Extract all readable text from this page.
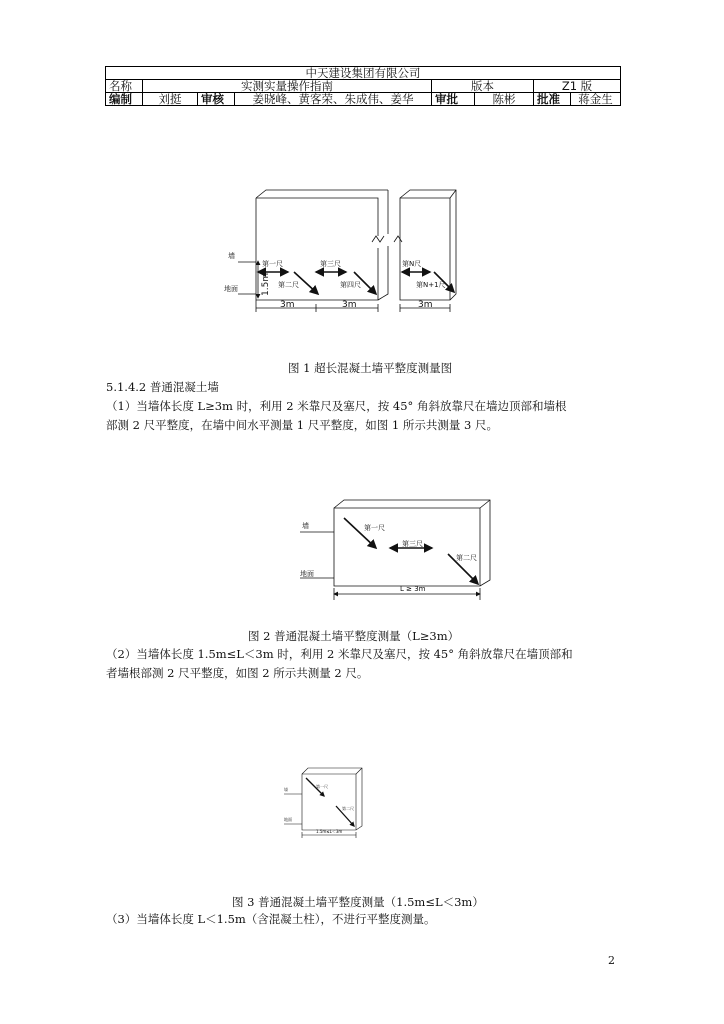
中天建设集团有限公司							
名称	实测实量操作指南			版本		Z1 版	
编制	刘挺	审核	姜晓峰、黄客荣、朱成伟、姜华	审批	陈彬	批准	蒋金生
墙
地面	1.5m
第一尺
第二尺
第三尺
第四尺
第N尺
第N+1尺
3m	3m	3m
图 1 超长混凝土墙平整度测量图
5.1.4.2 普通混凝土墙
（1）当墙体长度 L≥3m 时，利用 2 米靠尺及塞尺，按 45° 角斜放靠尺在墙边顶部和墙根
部测 2 尺平整度，在墙中间水平测量 1 尺平整度，如图 1 所示共测量 3 尺。
墙
地面
第一尺
第三尺
第二尺
L ≥ 3m
图 2 普通混凝土墙平整度测量（L≥3m）
（2）当墙体长度 1.5m≤L＜3m 时，利用 2 米靠尺及塞尺，按 45° 角斜放靠尺在墙顶部和
者墙根部测 2 尺平整度，如图 2 所示共测量 2 尺。
墙
地面
第一尺
第二尺
1.5m≤L＜3m
图 3 普通混凝土墙平整度测量（1.5m≤L＜3m）
（3）当墙体长度 L＜1.5m（含混凝土柱），不进行平整度测量。
2
